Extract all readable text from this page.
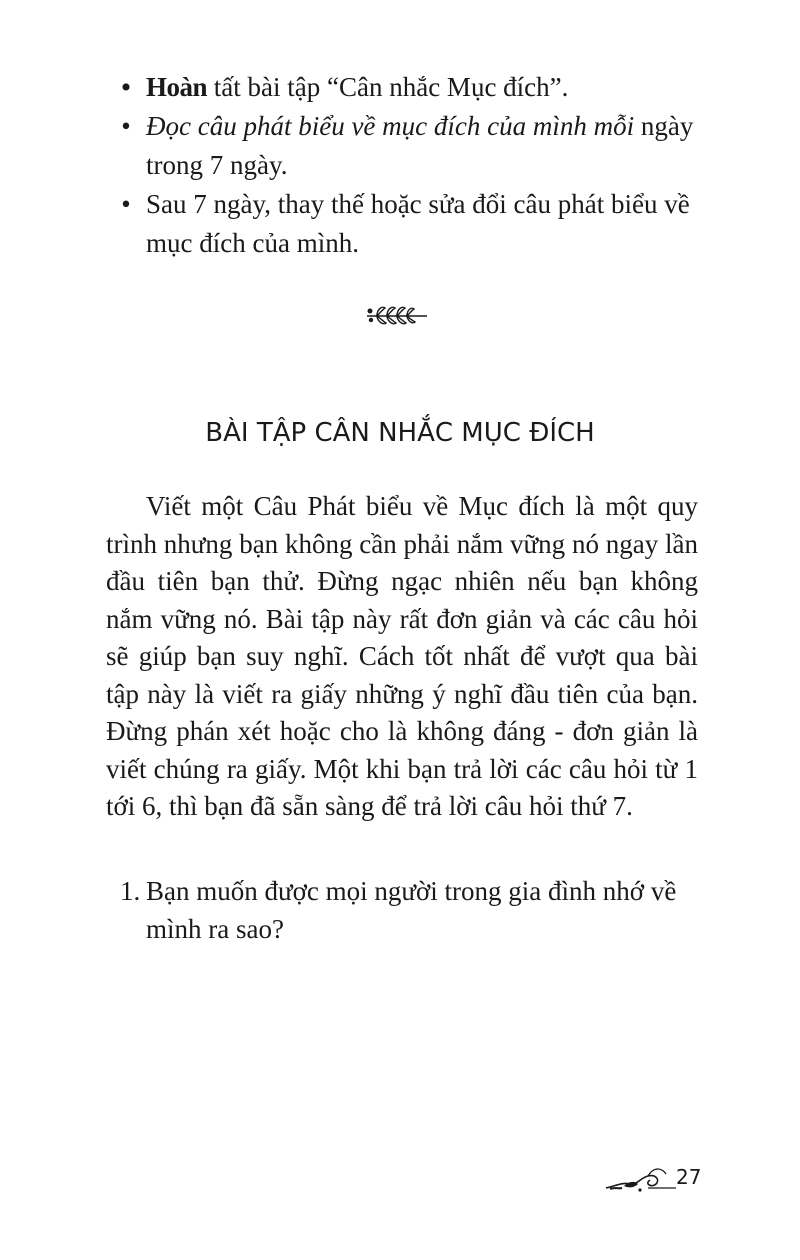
• Hoàn tất bài tập “Cân nhắc Mục đích”.
• Đọc câu phát biểu về mục đích của mình mỗi ngày trong 7 ngày.
• Sau 7 ngày, thay thế hoặc sửa đổi câu phát biểu về mục đích của mình.
BÀI TẬP CÂN NHẮC MỤC ĐÍCH

Viết một Câu Phát biểu về Mục đích là một quy trình nhưng bạn không cần phải nắm vững nó ngay lần đầu tiên bạn thử. Đừng ngạc nhiên nếu bạn không nắm vững nó. Bài tập này rất đơn giản và các câu hỏi sẽ giúp bạn suy nghĩ. Cách tốt nhất để vượt qua bài tập này là viết ra giấy những ý nghĩ đầu tiên của bạn. Đừng phán xét hoặc cho là không đáng - đơn giản là viết chúng ra giấy. Một khi bạn trả lời các câu hỏi từ 1 tới 6, thì bạn đã sẵn sàng để trả lời câu hỏi thứ 7.

1. Bạn muốn được mọi người trong gia đình nhớ về mình ra sao?
27
